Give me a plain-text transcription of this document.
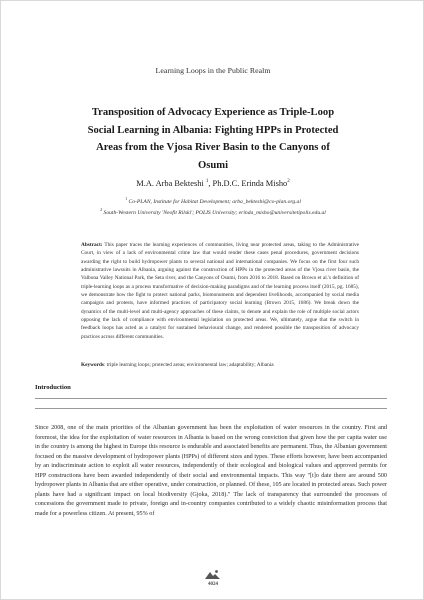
Learning Loops in the Public Realm
Transposition of Advocacy Experience as Triple-Loop Social Learning in Albania: Fighting HPPs in Protected Areas from the Vjosa River Basin to the Canyons of Osumi
M.A. Arba Bekteshi $^1$, Ph.D.C. Erinda Misho$^2$
$^1$ Co-PLAN, Institute for Habitat Development; arba_bekteshi@co-plan.org.al
$^2$ South-Western University 'Neofit Rilski'; POLIS University; erinda_misho@universitetipolis.edu.al
Abstract: This paper traces the learning experiences of communities, living near protected areas, taking to the Administrative Court, in view of a lack of environmental crime law that would render these cases penal procedures, government decisions awarding the right to build hydropower plants to several national and international companies. We focus on the first four such administrative lawsuits in Albania, arguing against the construction of HPPs in the protected areas of the Vjosa river basin, the Valbona Valley National Park, the Seta river, and the Canyons of Osumi, from 2016 to 2018. Based on Brown et al.'s definition of triple-learning loops as a process transformative of decision-making paradigms and of the learning process itself (2015, pg. 1685), we demonstrate how the fight to protect national parks, biomonuments and dependent livelihoods, accompanied by social media campaigns and protests, have informed practices of participatory social learning (Brown 2015, 1686). We break down the dynamics of the multi-level and multi-agency approaches of these claims, to denote and explain the role of multiple social actors opposing the lack of compliance with environmental legislation on protected areas. We, ultimately, argue that the switch in feedback loops has acted as a catalyst for sustained behavioural change, and rendered possible the transposition of advocacy practices across different communities.
Keywords: triple learning loops; protected areas; environmental law; adaptability; Albania
Introduction
Since 2008, one of the main priorities of the Albanian government has been the exploitation of water resources in the country. First and foremost, the idea for the exploitation of water resources in Albania is based on the wrong conviction that given how the per capita water use in the country is among the highest in Europe this resource is endurable and associated benefits are permanent. Thus, the Albanian government focused on the massive development of hydropower plants (HPPs) of different sizes and types. These efforts however, have been accompanied by an indiscriminate action to exploit all water resources, independently of their ecological and biological values and approved permits for HPP constructions have been awarded independently of their social and environmental impacts. This way "[t]o date there are around 500 hydropower plants in Albania that are either operative, under construction, or planned. Of these, 105 are located in protected areas. Such power plants have had a significant impact on local biodiversity (Gjoka, 2018)." The lack of transparency that surrounded the processes of concessions the government made to private, foreign and in-country companies contributed to a widely chaotic misinformation process that made for a powerless citizen. At present, 95% of
4024
